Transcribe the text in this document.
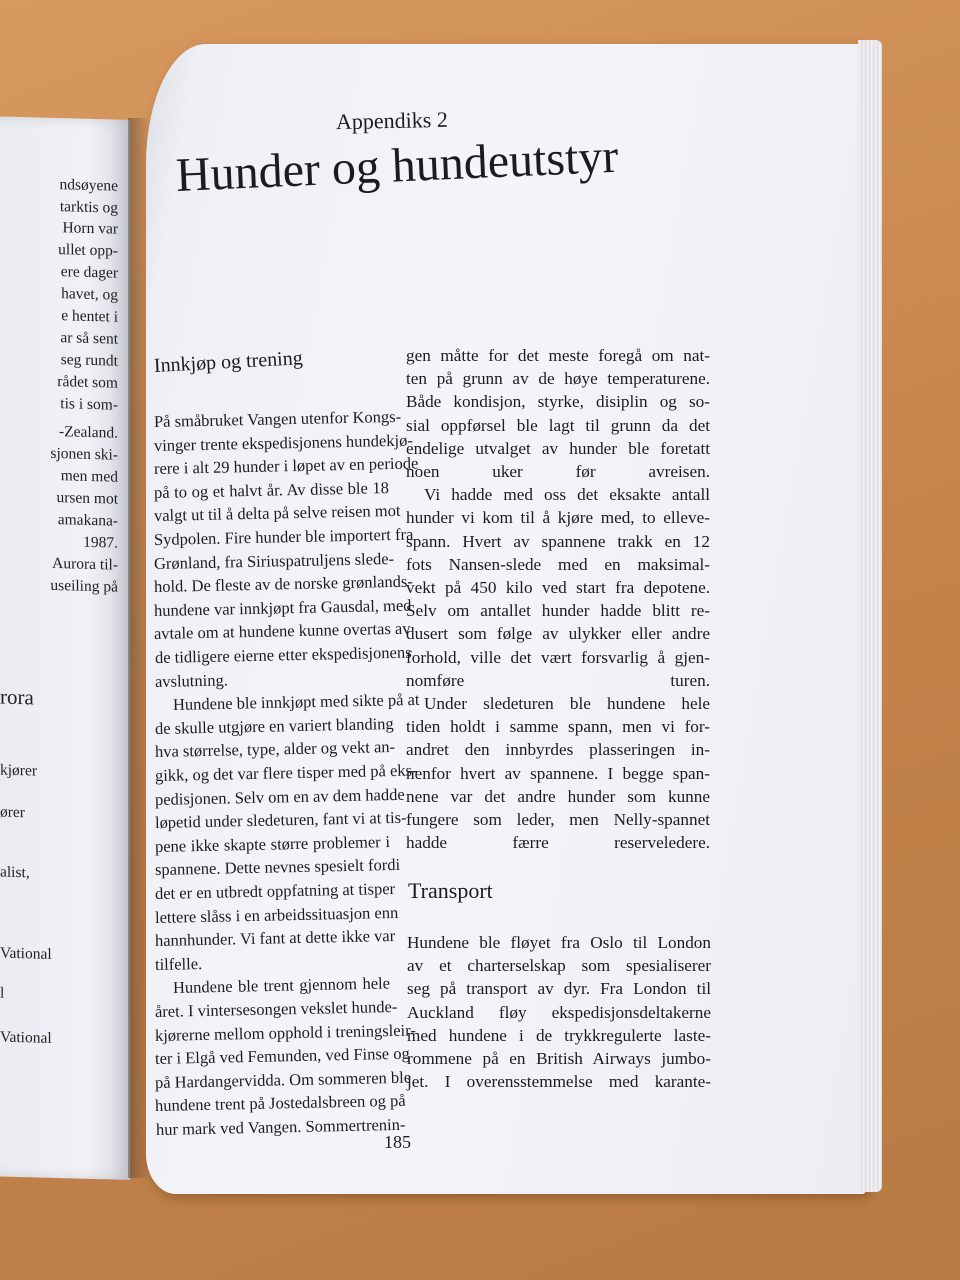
ndsøyene
tarktis og
Horn var
ullet opp-
ere dager
havet, og
e hentet i
ar så sent
seg rundt
rådet som
tis i som-
-Zealand.
sjonen ski-
men med
ursen mot
amakana-
1987.
Aurora til-
useiling på
rora
kjører
ører
alist,
Vational
l
Vational
Appendiks 2
Hunder og hundeutstyr
Innkjøp og trening
På småbruket Vangen utenfor Kongs-
vinger trente ekspedisjonens hundekjø-
rere i alt 29 hunder i løpet av en periode
på to og et halvt år. Av disse ble 18
valgt ut til å delta på selve reisen mot
Sydpolen. Fire hunder ble importert fra
Grønland, fra Siriuspatruljens slede-
hold. De fleste av de norske grønlands-
hundene var innkjøpt fra Gausdal, med
avtale om at hundene kunne overtas av
de tidligere eierne etter ekspedisjonens
avslutning.
Hundene ble innkjøpt med sikte på at
de skulle utgjøre en variert blanding
hva størrelse, type, alder og vekt an-
gikk, og det var flere tisper med på eks-
pedisjonen. Selv om en av dem hadde
løpetid under sledeturen, fant vi at tis-
pene ikke skapte større problemer i
spannene. Dette nevnes spesielt fordi
det er en utbredt oppfatning at tisper
lettere slåss i en arbeidssituasjon enn
hannhunder. Vi fant at dette ikke var
tilfelle.
Hundene ble trent gjennom hele
året. I vintersesongen vekslet hunde-
kjørerne mellom opphold i treningsleir-
ter i Elgå ved Femunden, ved Finse og
på Hardangervidda. Om sommeren ble
hundene trent på Jostedalsbreen og på
hur mark ved Vangen. Sommertrenin-
gen måtte for det meste foregå om nat-
ten på grunn av de høye temperaturene.
Både kondisjon, styrke, disiplin og so-
sial oppførsel ble lagt til grunn da det
endelige utvalget av hunder ble foretatt
noen uker før avreisen.
Vi hadde med oss det eksakte antall
hunder vi kom til å kjøre med, to elleve-
spann. Hvert av spannene trakk en 12
fots Nansen-slede med en maksimal-
vekt på 450 kilo ved start fra depotene.
Selv om antallet hunder hadde blitt re-
dusert som følge av ulykker eller andre
forhold, ville det vært forsvarlig å gjen-
nomføre turen.
Under sledeturen ble hundene hele
tiden holdt i samme spann, men vi for-
andret den innbyrdes plasseringen in-
nenfor hvert av spannene. I begge span-
nene var det andre hunder som kunne
fungere som leder, men Nelly-spannet
hadde færre reserveledere.
Transport
Hundene ble fløyet fra Oslo til London
av et charterselskap som spesialiserer
seg på transport av dyr. Fra London til
Auckland fløy ekspedisjonsdeltakerne
med hundene i de trykkregulerte laste-
rommene på en British Airways jumbo-
jet. I overensstemmelse med karante-
185
